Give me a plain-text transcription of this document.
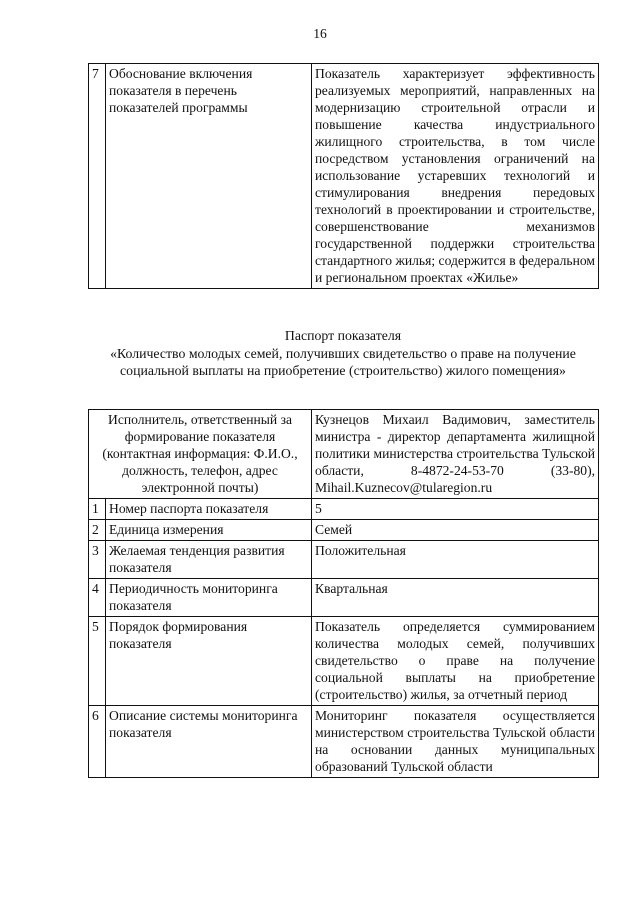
16
7	Обоснование включения показателя в перечень показателей программы	Показатель характеризует эффективность реализуемых мероприятий, направленных на модернизацию строительной отрасли и повышение качества индустриального жилищного строительства, в том числе посредством установления ограничений на использование устаревших технологий и стимулирования внедрения передовых технологий в проектировании и строительстве, совершенствование механизмов государственной поддержки строительства стандартного жилья; содержится в федеральном и региональном проектах «Жилье»
Паспорт показателя
«Количество молодых семей, получивших свидетельство о праве на получение социальной выплаты на приобретение (строительство) жилого помещения»
Исполнитель, ответственный за формирование показателя (контактная информация: Ф.И.О., должность, телефон, адрес электронной почты)		Кузнецов Михаил Вадимович, заместитель министра - директор департамента жилищной политики министерства строительства Тульской области, 8-4872-24-53-70 (33-80),
Mihail.Kuznecov@tularegion.ru

1	Номер паспорта показателя	5
2	Единица измерения	Семей
3	Желаемая тенденция развития показателя	Положительная
4	Периодичность мониторинга показателя	Квартальная
5	Порядок формирования показателя	Показатель определяется суммированием количества молодых семей, получивших свидетельство о праве на получение социальной выплаты на приобретение (строительство) жилья, за отчетный период
6	Описание системы мониторинга показателя	Мониторинг показателя осуществляется министерством строительства Тульской области на основании данных муниципальных образований Тульской области
